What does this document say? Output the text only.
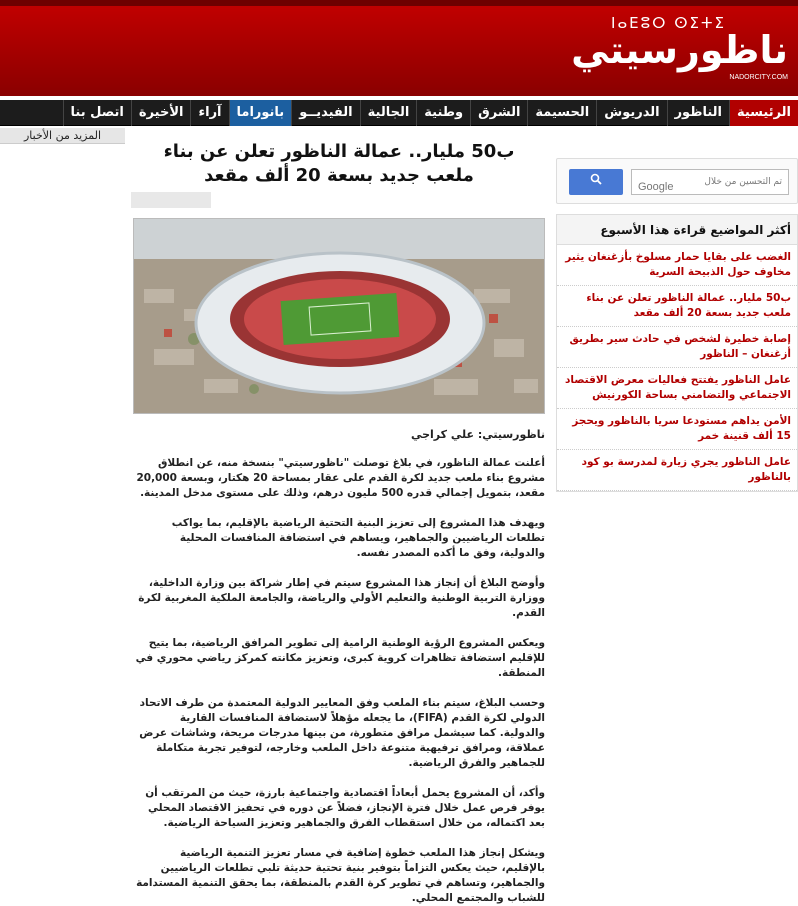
ⵏⴰⴹⵓⵔ ⵙⵉⵜⵉ
ناظورسيتي
NADORCITY.COM
الرئيسية
الناظور
الدريوش
الحسيمة
الشرق
وطنية
الجالية
الفيديــو
بانوراما
آراء
الأخيرة
اتصل بنا
المزيد من الأخبار
ب50 مليار.. عمالة الناظور تعلن عن بناء ملعب جديد بسعة 20 ألف مقعد
ناظورسيتي: علي كراجي
أعلنت عمالة الناظور، في بلاغ توصلت "ناظورسيتي" بنسخة منه، عن انطلاق مشروع بناء ملعب جديد لكرة القدم على عقار بمساحة 20 هكتار، وبسعة 20,000 مقعد، بتمويل إجمالي قدره 500 مليون درهم، وذلك على مستوى مدخل المدينة.
ويهدف هذا المشروع إلى تعزيز البنية التحتية الرياضية بالإقليم، بما يواكب تطلعات الرياضيين والجماهير، ويساهم في استضافة المنافسات المحلية والدولية، وفق ما أكده المصدر نفسه.
وأوضح البلاغ أن إنجاز هذا المشروع سيتم في إطار شراكة بين وزارة الداخلية، ووزارة التربية الوطنية والتعليم الأولي والرياضة، والجامعة الملكية المغربية لكرة القدم.
ويعكس المشروع الرؤية الوطنية الرامية إلى تطوير المرافق الرياضية، بما يتيح للإقليم استضافة تظاهرات كروية كبرى، وتعزيز مكانته كمركز رياضي محوري في المنطقة.
وحسب البلاغ، سيتم بناء الملعب وفق المعايير الدولية المعتمدة من طرف الاتحاد الدولي لكرة القدم (FIFA)، ما يجعله مؤهلاً لاستضافة المنافسات القارية والدولية. كما سيشمل مرافق متطورة، من بينها مدرجات مريحة، وشاشات عرض عملاقة، ومرافق ترفيهية متنوعة داخل الملعب وخارجه، لتوفير تجربة متكاملة للجماهير والفرق الرياضية.
وأكد، أن المشروع يحمل أبعاداً اقتصادية واجتماعية بارزة، حيث من المرتقب أن يوفر فرص عمل خلال فترة الإنجاز، فضلاً عن دوره في تحفيز الاقتصاد المحلي بعد اكتماله، من خلال استقطاب الفرق والجماهير وتعزيز السياحة الرياضية.
ويشكل إنجاز هذا الملعب خطوة إضافية في مسار تعزيز التنمية الرياضية بالإقليم، حيث يعكس التزاماً بتوفير بنية تحتية حديثة تلبي تطلعات الرياضيين والجماهير، وتساهم في تطوير كرة القدم بالمنطقة، بما يحقق التنمية المستدامة للشباب والمجتمع المحلي.
تم التحسين من خلال
Google
أكثر المواضيع قراءة هذا الأسبوع
الغضب على بقايا حمار مسلوخ بأزغنغان يثير مخاوف حول الذبيحة السرية
ب50 مليار.. عمالة الناظور تعلن عن بناء ملعب جديد بسعة 20 ألف مقعد
إصابة خطيرة لشخص في حادث سير بطريق أزغنغان – الناظور
عامل الناظور يفتتح فعاليات معرض الاقتصاد الاجتماعي والتضامني بساحة الكورنيش
الأمن يداهم مستودعا سريا بالناظور ويحجز 15 ألف قنينة خمر
عامل الناظور يجري زيارة لمدرسة بو كود بالناظور
